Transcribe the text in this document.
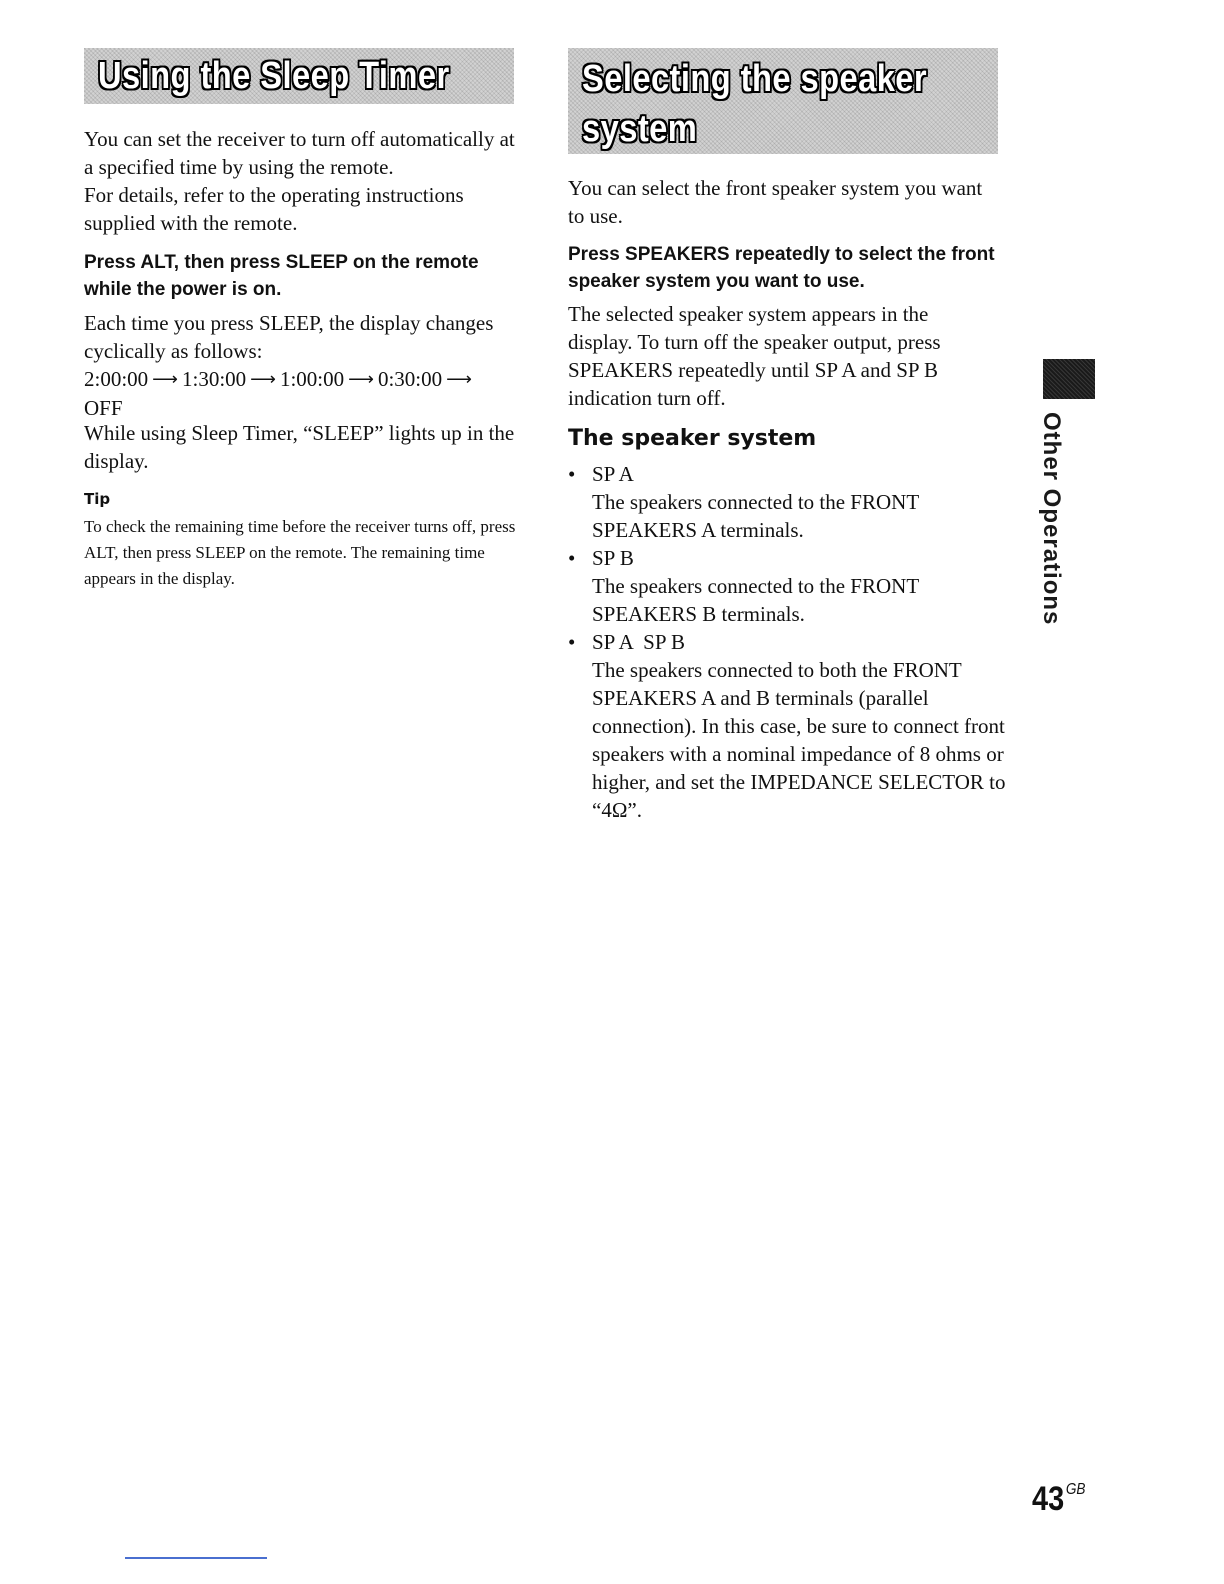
Using the Sleep Timer

You can set the receiver to turn off automatically at a specified time by using the remote.

For details, refer to the operating instructions supplied with the remote.

Press ALT, then press SLEEP on the remote while the power is on.

Each time you press SLEEP, the display changes cyclically as follows:

2:00:00 ⟶ 1:30:00 ⟶ 1:00:00 ⟶ 0:30:00 ⟶
OFF

While using Sleep Timer, “SLEEP” lights up in the display.

Tip

To check the remaining time before the receiver turns off, press ALT, then press SLEEP on the remote. The remaining time appears in the display.

Selecting the speaker
system

You can select the front speaker system you want to use.

Press SPEAKERS repeatedly to select the front speaker system you want to use.

The selected speaker system appears in the display. To turn off the speaker output, press SPEAKERS repeatedly until SP A and SP B indication turn off.

The speaker system
• SP A
The speakers connected to the FRONT SPEAKERS A terminals.
• SP B
The speakers connected to the FRONT SPEAKERS B terminals.
• SP A  SP B
The speakers connected to both the FRONT SPEAKERS A and B terminals (parallel connection). In this case, be sure to connect front speakers with a nominal impedance of 8 ohms or higher, and set the IMPEDANCE SELECTOR to “4Ω”.
Other Operations
43 $^{GB}$
